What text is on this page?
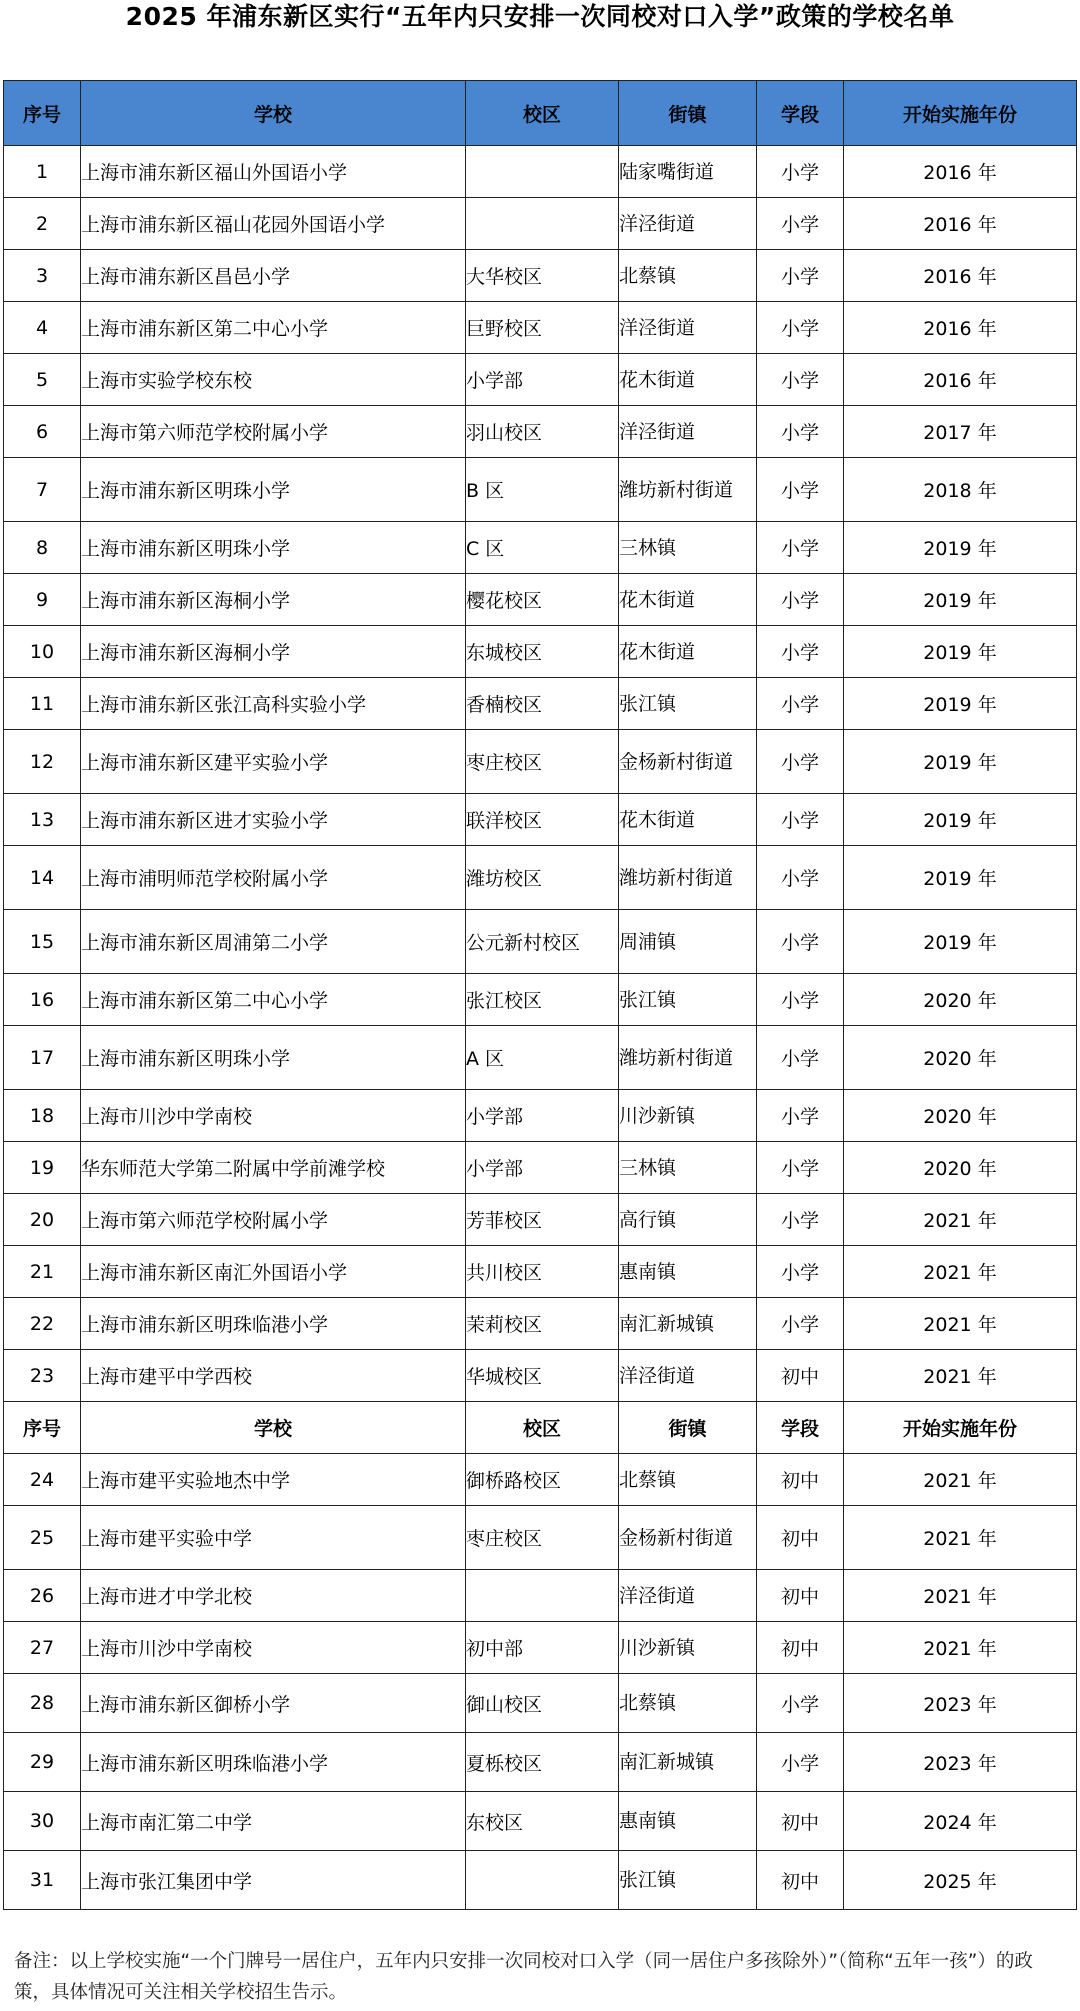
2025 年浦东新区实行“五年内只安排一次同校对口入学”政策的学校名单
序号	学校	校区	街镇	学段	开始实施年份
1	上海市浦东新区福山外国语小学		陆家嘴街道	小学	2016 年
2	上海市浦东新区福山花园外国语小学		洋泾街道	小学	2016 年
3	上海市浦东新区昌邑小学	大华校区	北蔡镇	小学	2016 年
4	上海市浦东新区第二中心小学	巨野校区	洋泾街道	小学	2016 年
5	上海市实验学校东校	小学部	花木街道	小学	2016 年
6	上海市第六师范学校附属小学	羽山校区	洋泾街道	小学	2017 年
7	上海市浦东新区明珠小学	B 区	潍坊新村街道	小学	2018 年
8	上海市浦东新区明珠小学	C 区	三林镇	小学	2019 年
9	上海市浦东新区海桐小学	樱花校区	花木街道	小学	2019 年
10	上海市浦东新区海桐小学	东城校区	花木街道	小学	2019 年
11	上海市浦东新区张江高科实验小学	香楠校区	张江镇	小学	2019 年
12	上海市浦东新区建平实验小学	枣庄校区	金杨新村街道	小学	2019 年
13	上海市浦东新区进才实验小学	联洋校区	花木街道	小学	2019 年
14	上海市浦明师范学校附属小学	潍坊校区	潍坊新村街道	小学	2019 年
15	上海市浦东新区周浦第二小学	公元新村校区	周浦镇	小学	2019 年
16	上海市浦东新区第二中心小学	张江校区	张江镇	小学	2020 年
17	上海市浦东新区明珠小学	A 区	潍坊新村街道	小学	2020 年
18	上海市川沙中学南校	小学部	川沙新镇	小学	2020 年
19	华东师范大学第二附属中学前滩学校	小学部	三林镇	小学	2020 年
20	上海市第六师范学校附属小学	芳菲校区	高行镇	小学	2021 年
21	上海市浦东新区南汇外国语小学	共川校区	惠南镇	小学	2021 年
22	上海市浦东新区明珠临港小学	茉莉校区	南汇新城镇	小学	2021 年
23	上海市建平中学西校	华城校区	洋泾街道	初中	2021 年
序号	学校	校区	街镇	学段	开始实施年份
24	上海市建平实验地杰中学	御桥路校区	北蔡镇	初中	2021 年
25	上海市建平实验中学	枣庄校区	金杨新村街道	初中	2021 年
26	上海市进才中学北校		洋泾街道	初中	2021 年
27	上海市川沙中学南校	初中部	川沙新镇	初中	2021 年
28	上海市浦东新区御桥小学	御山校区	北蔡镇	小学	2023 年
29	上海市浦东新区明珠临港小学	夏栎校区	南汇新城镇	小学	2023 年
30	上海市南汇第二中学	东校区	惠南镇	初中	2024 年
31	上海市张江集团中学		张江镇	初中	2025 年
备注：以上学校实施“一个门牌号一居住户，五年内只安排一次同校对口入学（同一居住户多孩除外）”（简称“五年一孩”）的政策，具体情况可关注相关学校招生告示。
